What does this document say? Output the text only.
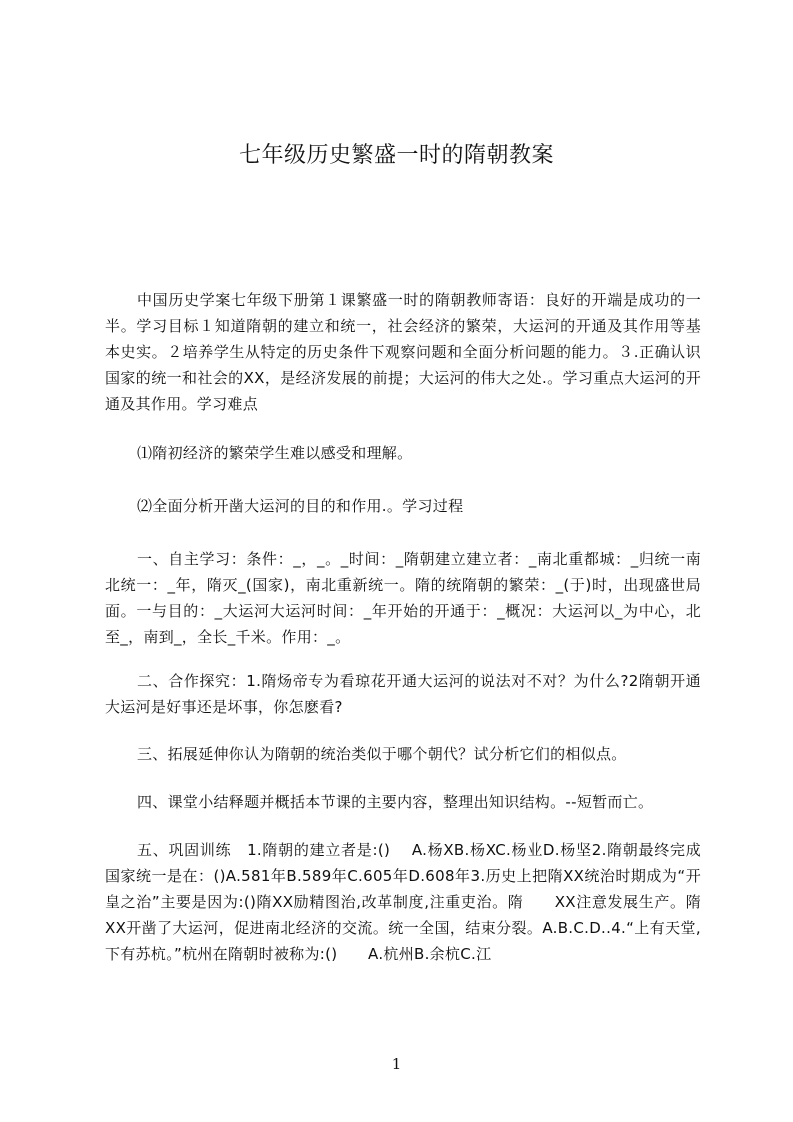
七年级历史繁盛一时的隋朝教案

中国历史学案七年级下册第１课繁盛一时的隋朝教师寄语：良好的开端是成功的一半。学习目标１知道隋朝的建立和统一，社会经济的繁荣，大运河的开通及其作用等基本史实。２培养学生从特定的历史条件下观察问题和全面分析问题的能力。３.正确认识国家的统一和社会的XX，是经济发展的前提；大运河的伟大之处.。学习重点大运河的开通及其作用。学习难点

⑴隋初经济的繁荣学生难以感受和理解。

⑵全面分析开凿大运河的目的和作用.。学习过程

一、自主学习：条件：_，_。_时间：_隋朝建立建立者：_南北重都城：_归统一南北统一：_年，隋灭_(国家)，南北重新统一。隋的统隋朝的繁荣：_(于)时，出现盛世局面。一与目的：_大运河大运河时间：_年开始的开通于：_概况：大运河以_为中心，北至_，南到_，全长_千米。作用：_。

二、合作探究：1.隋炀帝专为看琼花开通大运河的说法对不对？为什么?2隋朝开通大运河是好事还是坏事，你怎麽看?

三、拓展延伸你认为隋朝的统治类似于哪个朝代？试分析它们的相似点。

四、课堂小结释题并概括本节课的主要内容，整理出知识结构。--短暂而亡。

五、巩固训练　1.隋朝的建立者是:()　 A.杨XB.杨XC.杨业D.杨坚2.隋朝最终完成国家统一是在：()A.581年B.589年C.605年D.608年3.历史上把隋XX统治时期成为“开皇之治”主要是因为:()隋XX励精图治,改革制度,注重吏治。隋　　XX注意发展生产。隋XX开凿了大运河，促进南北经济的交流。统一全国，结束分裂。A.B.C.D..4.“上有天堂,下有苏杭。”杭州在隋朝时被称为:()　　A.杭州B.余杭C.江

1
